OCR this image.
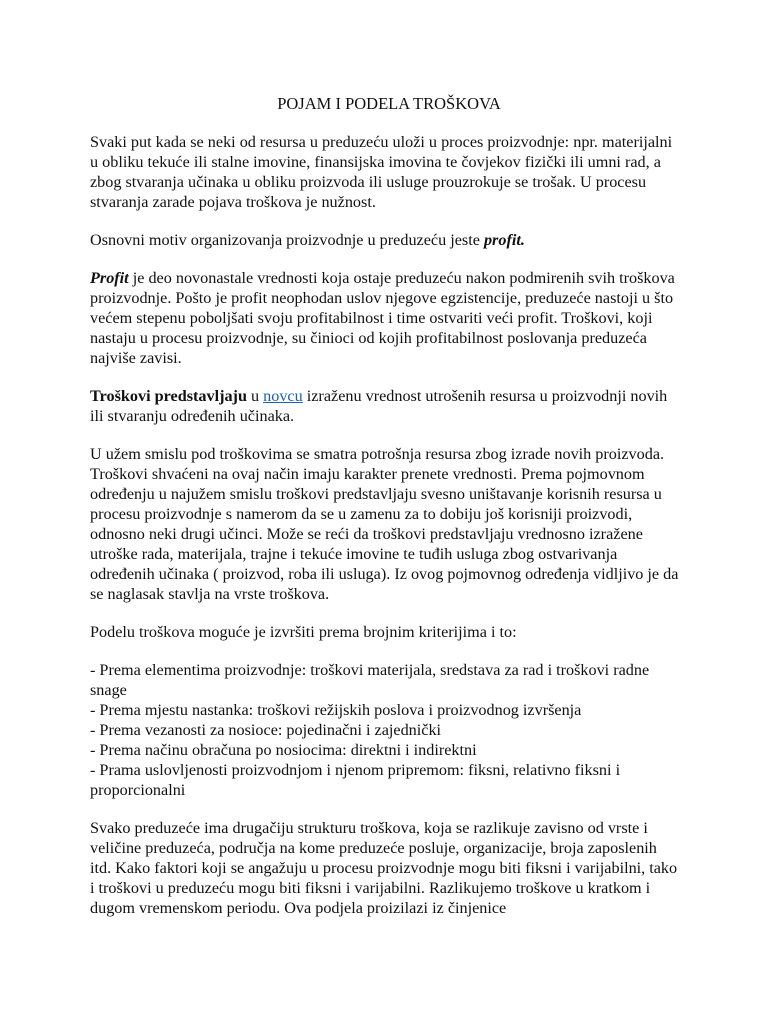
POJAM I PODELA TROŠKOVA

Svaki put kada se neki od resursa u preduzeću uloži u proces proizvodnje: npr. materijalni u obliku tekuće ili stalne imovine, finansijska imovina te čovjekov fizički ili umni rad, a zbog stvaranja učinaka u obliku proizvoda ili usluge prouzrokuje se trošak. U procesu stvaranja zarade pojava troškova je nužnost.

Osnovni motiv organizovanja proizvodnje u preduzeću jeste profit.

Profit je deo novonastale vrednosti koja ostaje preduzeću nakon podmirenih svih troškova proizvodnje. Pošto je profit neophodan uslov njegove egzistencije, preduzeće nastoji u što većem stepenu poboljšati svoju profitabilnost i time ostvariti veći profit. Troškovi, koji nastaju u procesu proizvodnje, su činioci od kojih profitabilnost poslovanja preduzeća najviše zavisi.

Troškovi predstavljaju u novcu izraženu vrednost utrošenih resursa u proizvodnji novih ili stvaranju određenih učinaka.

U užem smislu pod troškovima se smatra potrošnja resursa zbog izrade novih proizvoda. Troškovi shvaćeni na ovaj način imaju karakter prenete vrednosti. Prema pojmovnom određenju u najužem smislu troškovi predstavljaju svesno uništavanje korisnih resursa u procesu proizvodnje s namerom da se u zamenu za to dobiju još korisniji proizvodi, odnosno neki drugi učinci. Može se reći da troškovi predstavljaju vrednosno izražene utroške rada, materijala, trajne i tekuće imovine te tuđih usluga zbog ostvarivanja određenih učinaka ( proizvod, roba ili usluga). Iz ovog pojmovnog određenja vidljivo je da se naglasak stavlja na vrste troškova.

Podelu troškova moguće je izvršiti prema brojnim kriterijima i to:

- Prema elementima proizvodnje: troškovi materijala, sredstava za rad i troškovi radne snage
- Prema mjestu nastanka: troškovi režijskih poslova i proizvodnog izvršenja
- Prema vezanosti za nosioce: pojedinačni i zajednički
- Prema načinu obračuna po nosiocima: direktni i indirektni
- Prama uslovljenosti proizvodnjom i njenom pripremom: fiksni, relativno fiksni i proporcionalni

Svako preduzeće ima drugačiju strukturu troškova, koja se razlikuje zavisno od vrste i veličine preduzeća, područja na kome preduzeće posluje, organizacije, broja zaposlenih itd. Kako faktori koji se angažuju u procesu proizvodnje mogu biti fiksni i varijabilni, tako i troškovi u preduzeću mogu biti fiksni i varijabilni. Razlikujemo troškove u kratkom i dugom vremenskom periodu. Ova podjela proizilazi iz činjenice
